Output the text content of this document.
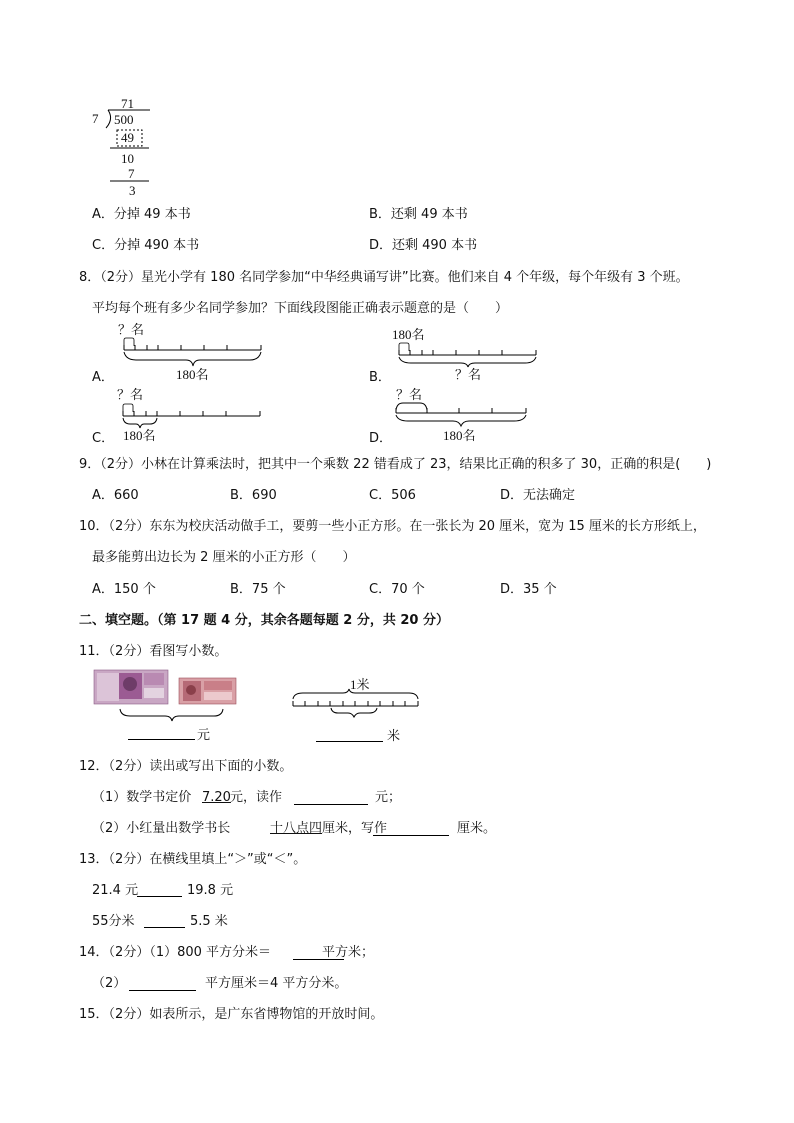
71
7 500
49
10
7
3
A．分掉 49 本书	B．还剩 49 本书
C．分掉 490 本书	D．还剩 490 本书
8．（2分）星光小学有 180 名同学参加“中华经典诵写讲”比赛。他们来自 4 个年级，每个年级有 3 个班。
平均每个班有多少名同学参加？下面线段图能正确表示题意的是（　　）
A．
？名
180名	B．
180名
？名
C．
？名
180名	D．
？名
180名
9．（2分）小林在计算乘法时，把其中一个乘数 22 错看成了 23，结果比正确的积多了 30，正确的积是(　　)
A．660	B．690	C．506	D．无法确定
10．（2分）东东为校庆活动做手工，要剪一些小正方形。在一张长为 20 厘米，宽为 15 厘米的长方形纸上，
最多能剪出边长为 2 厘米的小正方形（　　）
A．150 个	B．75 个	C．70 个	D．35 个
二、填空题。（第 17 题 4 分，其余各题每题 2 分，共 20 分）
11．（2分）看图写小数。
元
1米
米
12．（2分）读出或写出下面的小数。
（1）数学书定价 7.20 元，读作	元；
（2）小红量出数学书长	十八点四 厘米，写作	厘米。
13．（2分）在横线里填上“＞”或“＜”。
21.4 元	19.8 元
55分米	5.5 米
14．（2分）（1）800 平方分米＝	平方米；
（2）	平方厘米＝4 平方分米。
15．（2分）如表所示，是广东省博物馆的开放时间。
